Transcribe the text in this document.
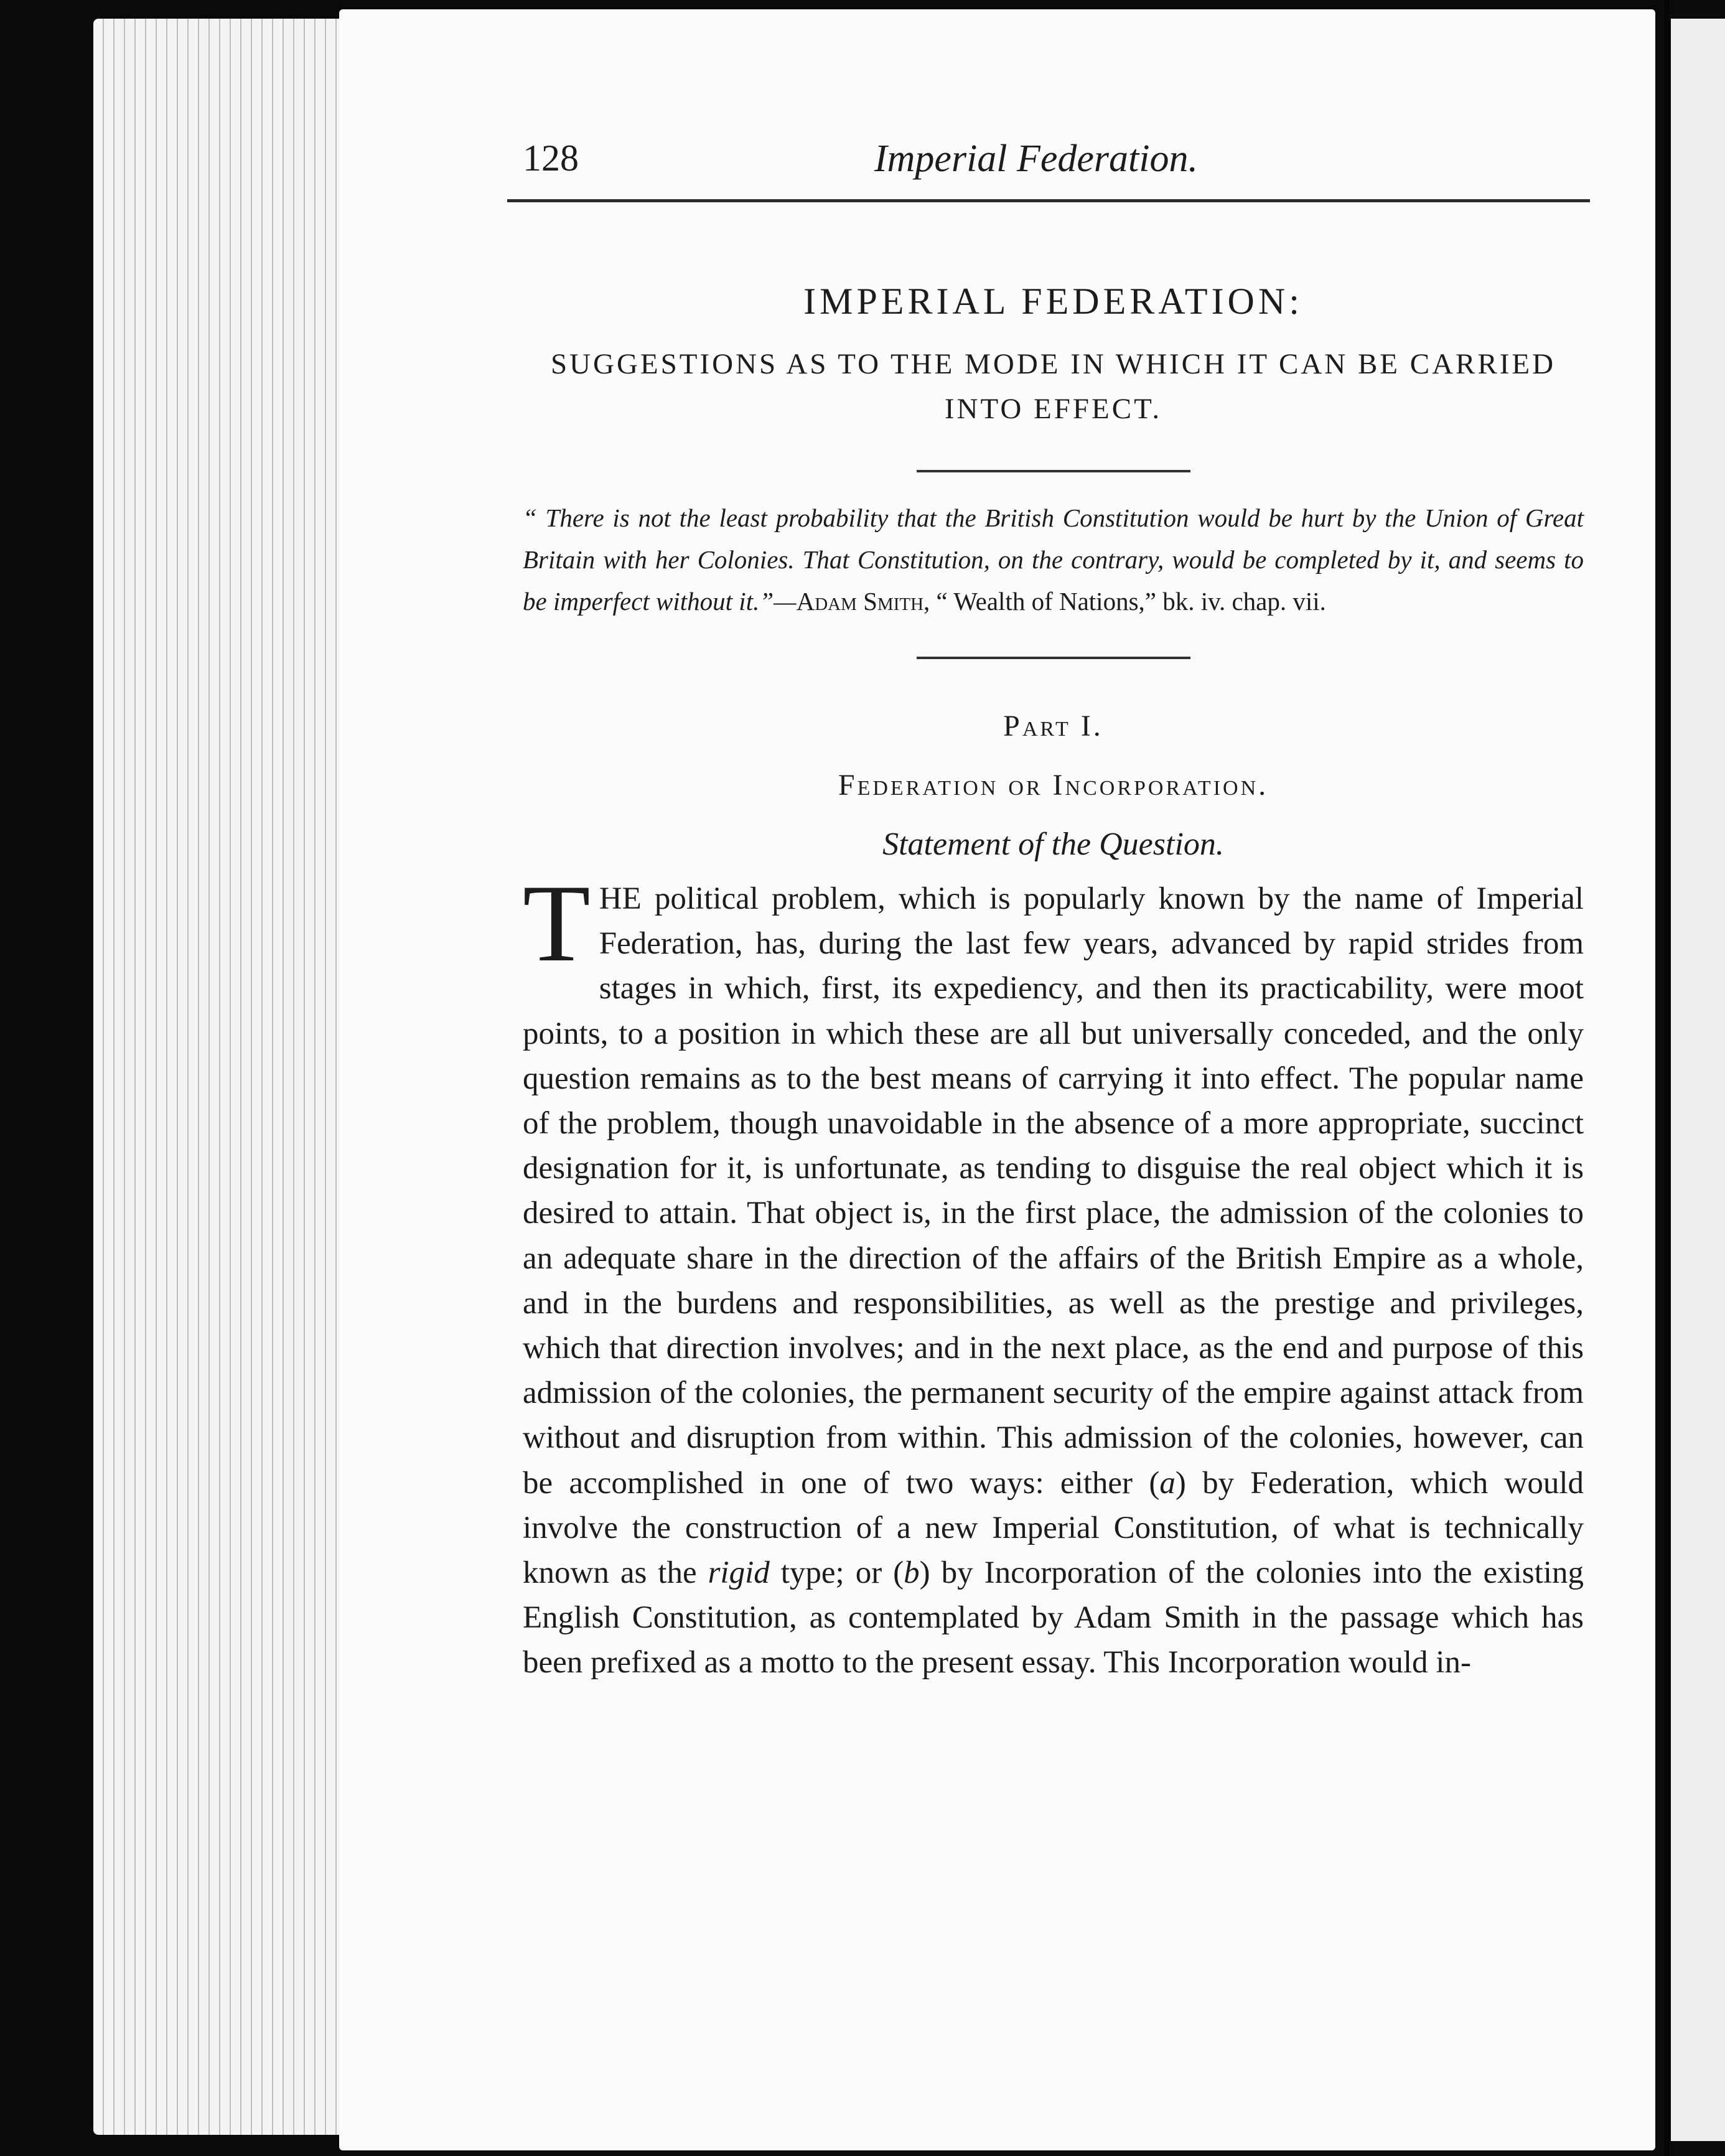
128	Imperial Federation.
IMPERIAL FEDERATION:
SUGGESTIONS AS TO THE MODE IN WHICH IT CAN BE CARRIED INTO EFFECT.
“ There is not the least probability that the British Constitution would be hurt by the Union of Great Britain with her Colonies. That Constitution, on the contrary, would be completed by it, and seems to be imperfect without it.”—Adam Smith, “ Wealth of Nations,” bk. iv. chap. vii.
Part I.
Federation or Incorporation.
Statement of the Question.
THE political problem, which is popularly known by the name of Imperial Federation, has, during the last few years, advanced by rapid strides from stages in which, first, its expediency, and then its practicability, were moot points, to a position in which these are all but universally conceded, and the only question remains as to the best means of carrying it into effect. The popular name of the problem, though unavoidable in the absence of a more appropriate, succinct designation for it, is unfortunate, as tending to disguise the real object which it is desired to attain. That object is, in the first place, the admission of the colonies to an adequate share in the direction of the affairs of the British Empire as a whole, and in the burdens and responsibilities, as well as the prestige and privileges, which that direction involves; and in the next place, as the end and purpose of this admission of the colonies, the permanent security of the empire against attack from without and disruption from within. This admission of the colonies, however, can be accomplished in one of two ways: either (a) by Federation, which would involve the construction of a new Imperial Constitution, of what is technically known as the rigid type; or (b) by Incorporation of the colonies into the existing English Constitution, as contemplated by Adam Smith in the passage which has been prefixed as a motto to the present essay. This Incorporation would in-
